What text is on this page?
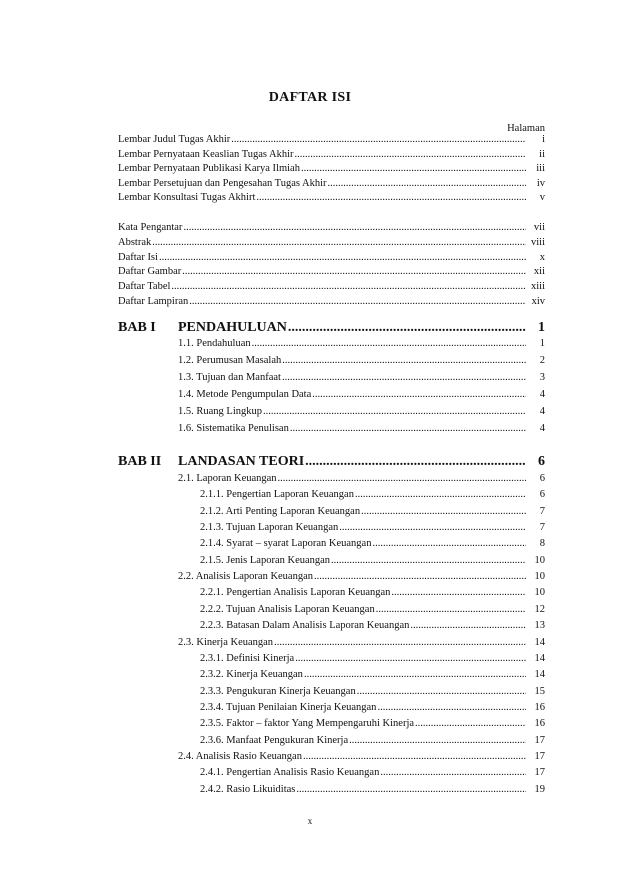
DAFTAR ISI
Halaman
Lembar Judul Tugas Akhir .....	i
Lembar Pernyataan Keaslian Tugas Akhir .....	ii
Lembar Pernyataan Publikasi Karya Ilmiah .....	iii
Lembar Persetujuan dan Pengesahan Tugas Akhir .....	iv
Lembar Konsultasi Tugas Akhirt .....	v
Kata Pengantar .....	vii
Abstrak .....	viii
Daftar Isi .....	x
Daftar Gambar .....	xii
Daftar Tabel .....	xiii
Daftar Lampiran .....	xiv
BAB I PENDAHULUAN .....	1
1.1. Pendahuluan .....	1
1.2. Perumusan Masalah .....	2
1.3. Tujuan dan Manfaat .....	3
1.4. Metode Pengumpulan Data .....	4
1.5. Ruang Lingkup .....	4
1.6. Sistematika Penulisan .....	4
BAB II LANDASAN TEORI .....	6
2.1. Laporan Keuangan .....	6
2.1.1. Pengertian Laporan Keuangan .....	6
2.1.2. Arti Penting Laporan Keuangan .....	7
2.1.3. Tujuan Laporan Keuangan .....	7
2.1.4. Syarat – syarat Laporan Keuangan .....	8
2.1.5. Jenis Laporan Keuangan .....	10
2.2. Analisis Laporan Keuangan .....	10
2.2.1. Pengertian Analisis Laporan Keuangan .....	10
2.2.2. Tujuan Analisis Laporan Keuangan .....	12
2.2.3. Batasan Dalam Analisis Laporan Keuangan .....	13
2.3. Kinerja Keuangan .....	14
2.3.1. Definisi Kinerja .....	14
2.3.2. Kinerja Keuangan .....	14
2.3.3. Pengukuran Kinerja Keuangan .....	15
2.3.4. Tujuan Penilaian Kinerja Keuangan .....	16
2.3.5. Faktor – faktor Yang Mempengaruhi Kinerja .....	16
2.3.6. Manfaat Pengukuran Kinerja .....	17
2.4. Analisis Rasio Keuangan .....	17
2.4.1. Pengertian Analisis Rasio Keuangan .....	17
2.4.2. Rasio Likuiditas .....	19
x
